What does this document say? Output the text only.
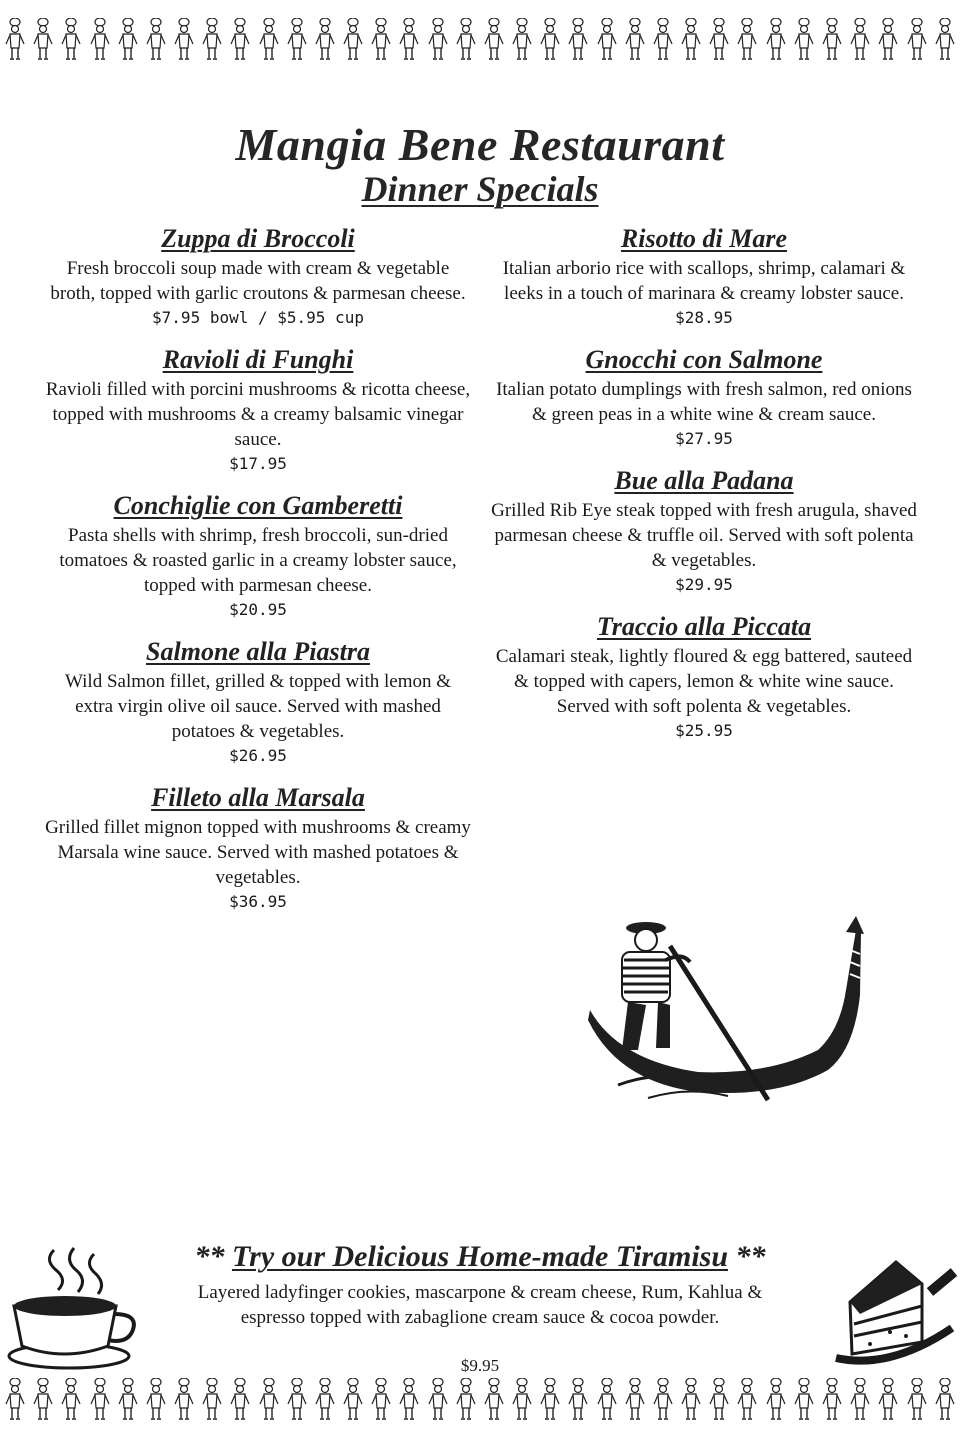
Mangia Bene Restaurant
Dinner Specials
Zuppa di Broccoli
Fresh broccoli soup made with cream & vegetable broth, topped with garlic croutons & parmesan cheese.
$7.95 bowl / $5.95 cup
Ravioli di Funghi
Ravioli filled with porcini mushrooms & ricotta cheese, topped with mushrooms & a creamy balsamic vinegar sauce.
$17.95
Conchiglie con Gamberetti
Pasta shells with shrimp, fresh broccoli, sun-dried tomatoes & roasted garlic in a creamy lobster sauce, topped with parmesan cheese.
$20.95
Salmone alla Piastra
Wild Salmon fillet, grilled & topped with lemon & extra virgin olive oil sauce. Served with mashed potatoes & vegetables.
$26.95
Filleto alla Marsala
Grilled fillet mignon topped with mushrooms & creamy Marsala wine sauce. Served with mashed potatoes & vegetables.
$36.95
Risotto di Mare
Italian arborio rice with scallops, shrimp, calamari & leeks in a touch of marinara & creamy lobster sauce.
$28.95
Gnocchi con Salmone
Italian potato dumplings with fresh salmon, red onions & green peas in a white wine & cream sauce.
$27.95
Bue alla Padana
Grilled Rib Eye steak topped with fresh arugula, shaved parmesan cheese & truffle oil. Served with soft polenta & vegetables.
$29.95
Traccio alla Piccata
Calamari steak, lightly floured & egg battered, sauteed & topped with capers, lemon & white wine sauce. Served with soft polenta & vegetables.
$25.95
** Try our Delicious Home-made Tiramisu **
Layered ladyfinger cookies, mascarpone & cream cheese, Rum, Kahlua & espresso topped with zabaglione cream sauce & cocoa powder.
$9.95
